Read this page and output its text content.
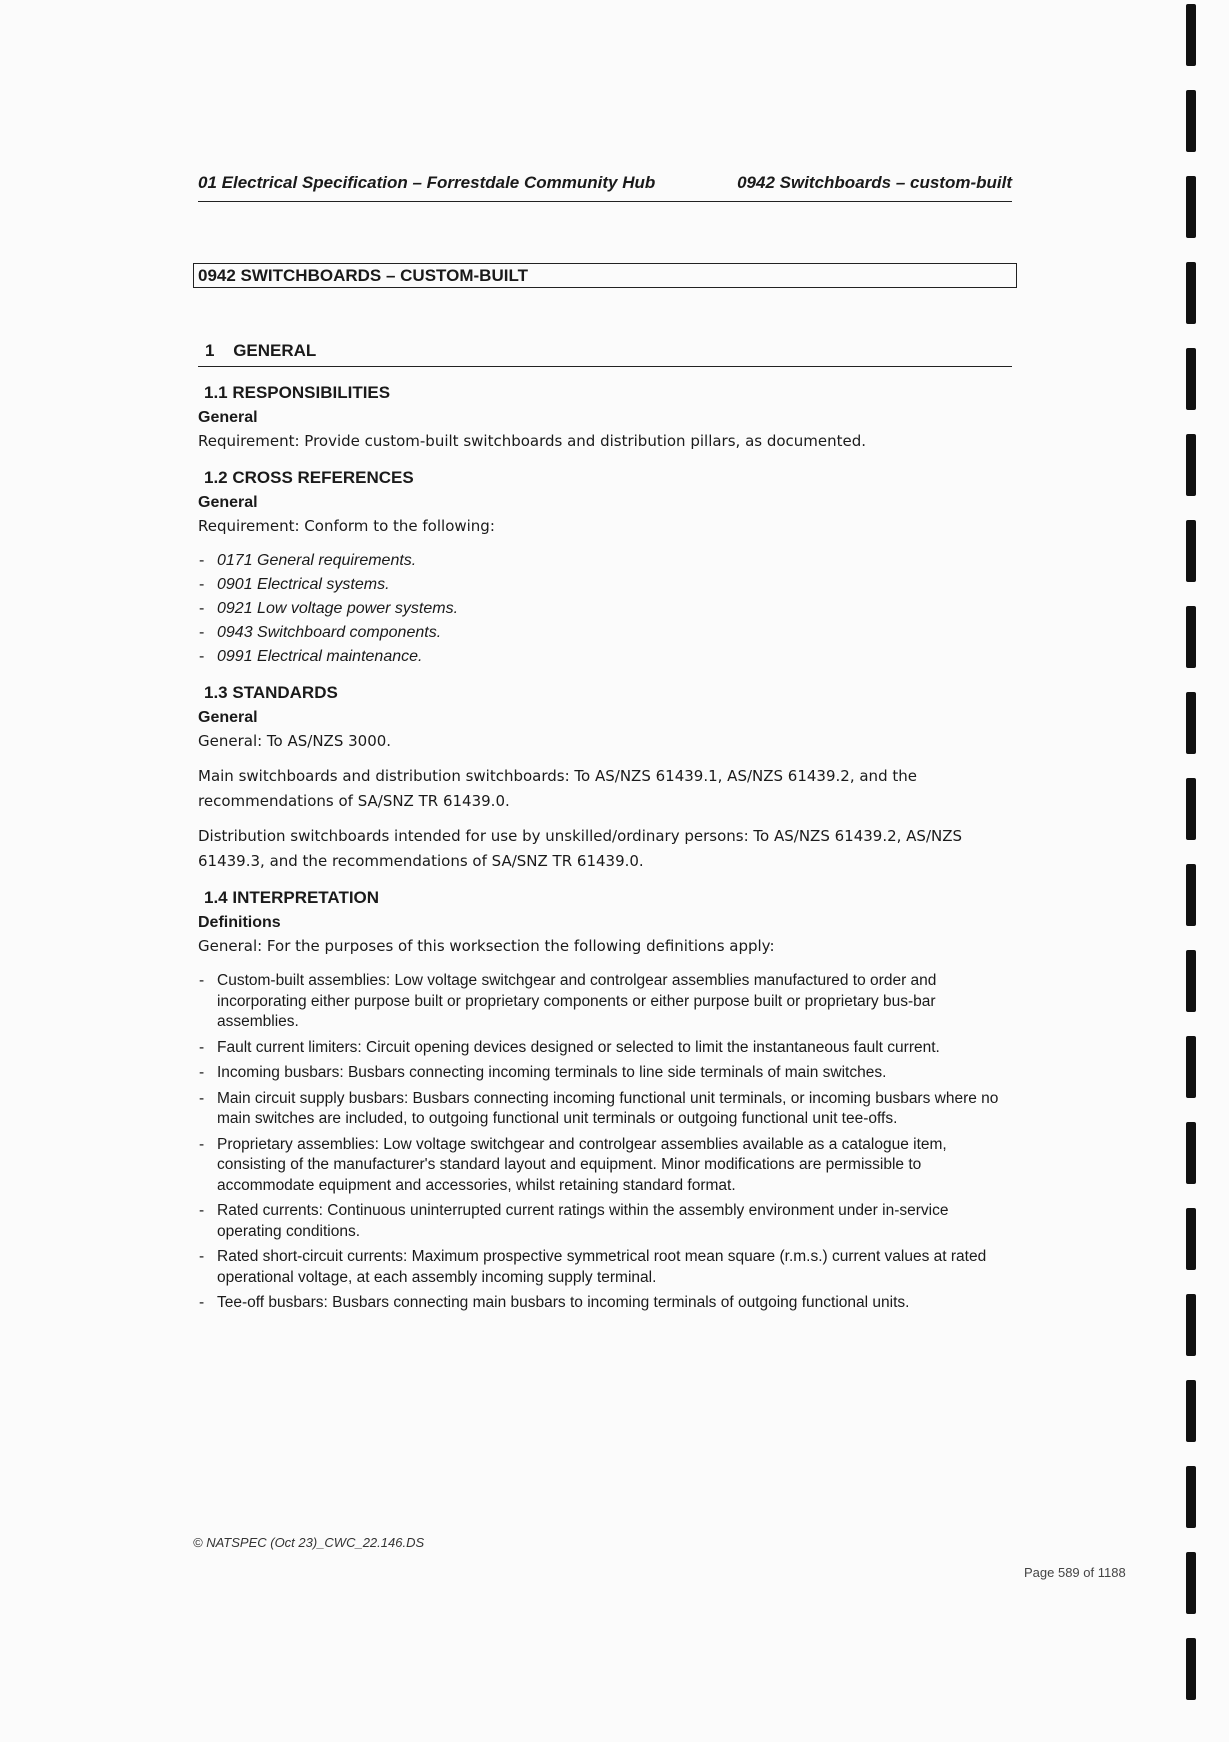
01 Electrical Specification – Forrestdale Community Hub	0942 Switchboards – custom-built
0942 SWITCHBOARDS – CUSTOM-BUILT
1 GENERAL
1.1 RESPONSIBILITIES
General

Requirement: Provide custom-built switchboards and distribution pillars, as documented.

1.2 CROSS REFERENCES
General

Requirement: Conform to the following:

- 0171 General requirements.
- 0901 Electrical systems.
- 0921 Low voltage power systems.
- 0943 Switchboard components.
- 0991 Electrical maintenance.
1.3 STANDARDS
General

General: To AS/NZS 3000.

Main switchboards and distribution switchboards: To AS/NZS 61439.1, AS/NZS 61439.2, and the recommendations of SA/SNZ TR 61439.0.

Distribution switchboards intended for use by unskilled/ordinary persons: To AS/NZS 61439.2, AS/NZS 61439.3, and the recommendations of SA/SNZ TR 61439.0.

1.4 INTERPRETATION
Definitions

General: For the purposes of this worksection the following definitions apply:

- Custom-built assemblies: Low voltage switchgear and controlgear assemblies manufactured to order and incorporating either purpose built or proprietary components or either purpose built or proprietary bus-bar assemblies.
- Fault current limiters: Circuit opening devices designed or selected to limit the instantaneous fault current.
- Incoming busbars: Busbars connecting incoming terminals to line side terminals of main switches.
- Main circuit supply busbars: Busbars connecting incoming functional unit terminals, or incoming busbars where no main switches are included, to outgoing functional unit terminals or outgoing functional unit tee-offs.
- Proprietary assemblies: Low voltage switchgear and controlgear assemblies available as a catalogue item, consisting of the manufacturer's standard layout and equipment. Minor modifications are permissible to accommodate equipment and accessories, whilst retaining standard format.
- Rated currents: Continuous uninterrupted current ratings within the assembly environment under in-service operating conditions.
- Rated short-circuit currents: Maximum prospective symmetrical root mean square (r.m.s.) current values at rated operational voltage, at each assembly incoming supply terminal.
- Tee-off busbars: Busbars connecting main busbars to incoming terminals of outgoing functional units.
© NATSPEC (Oct 23)_CWC_22.146.DS
Page 589 of 1188
